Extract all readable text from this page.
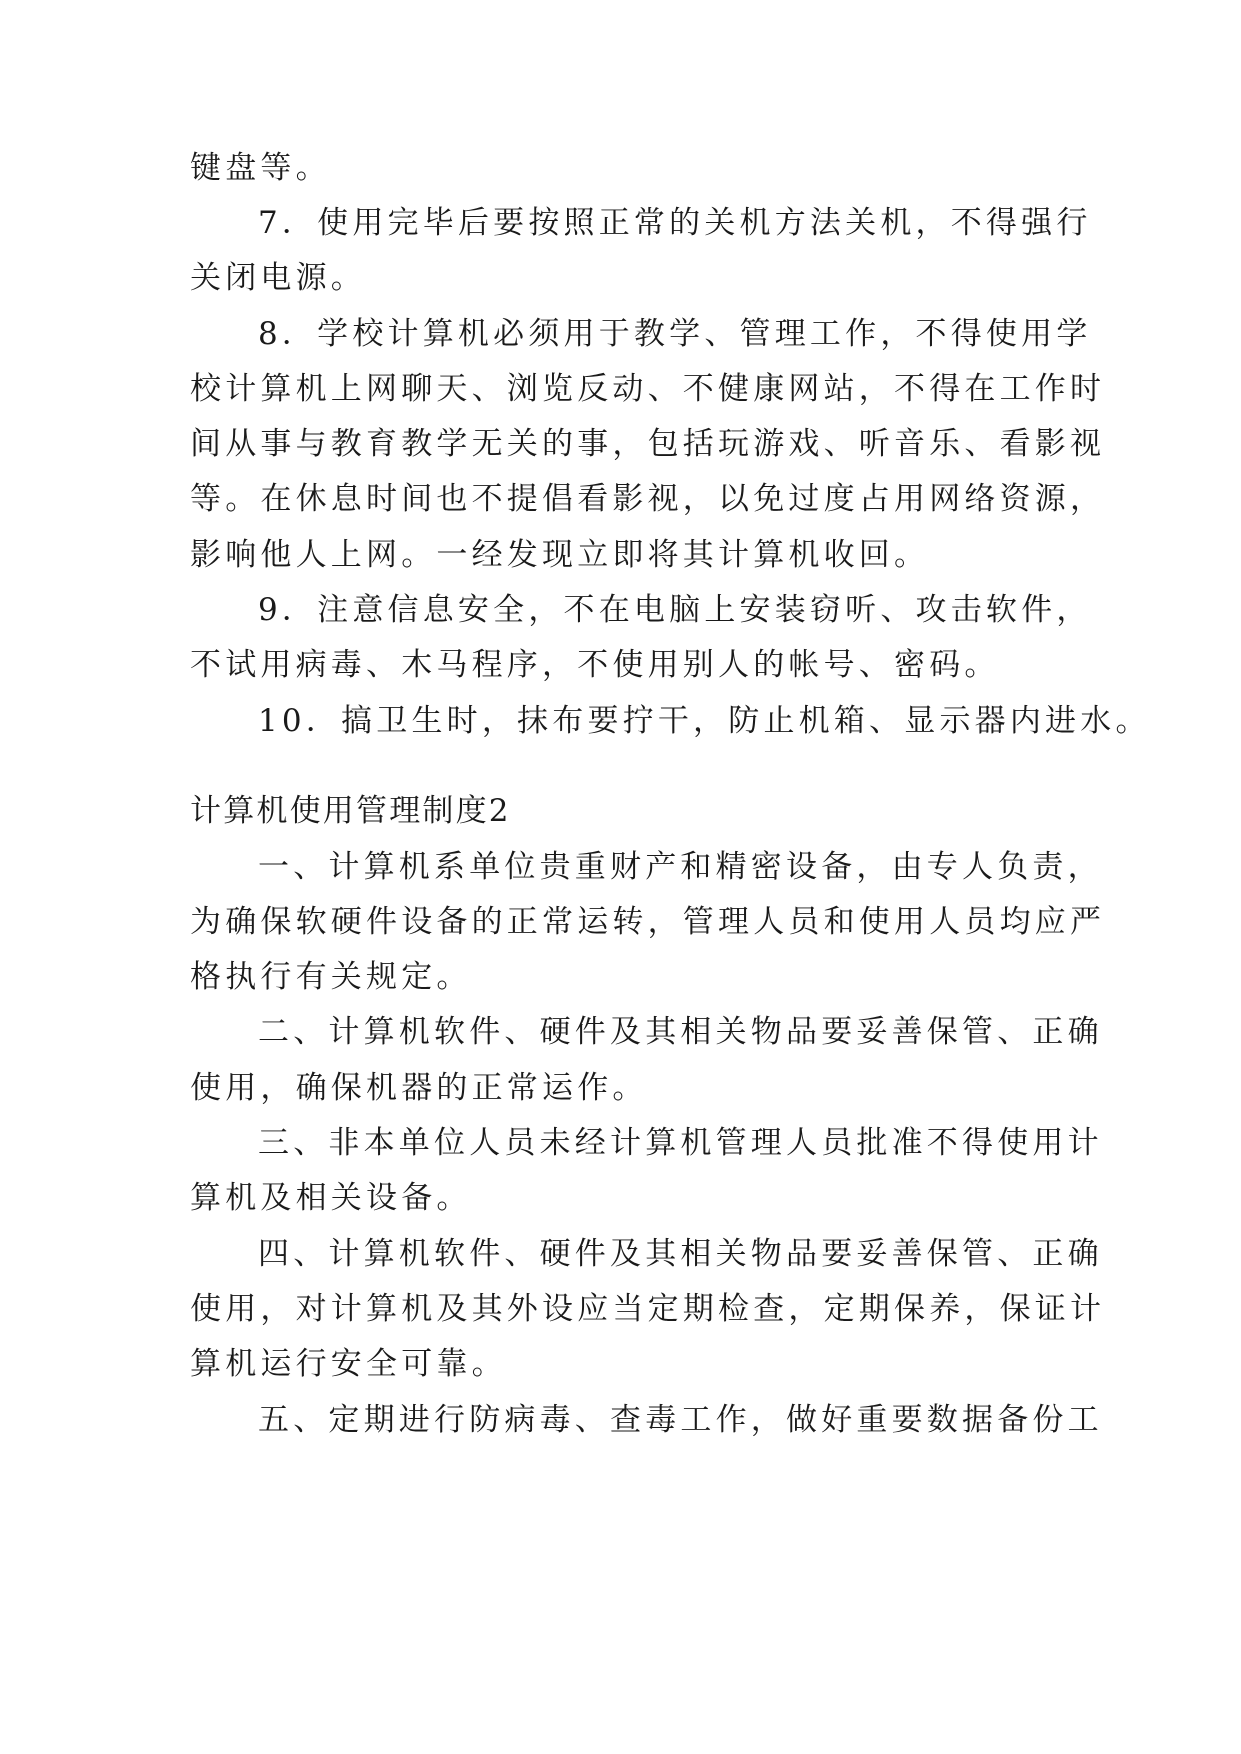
键盘等。

7．使用完毕后要按照正常的关机方法关机，不得强行

关闭电源。

8．学校计算机必须用于教学、管理工作，不得使用学

校计算机上网聊天、浏览反动、不健康网站，不得在工作时

间从事与教育教学无关的事，包括玩游戏、听音乐、看影视

等。在休息时间也不提倡看影视，以免过度占用网络资源，

影响他人上网。一经发现立即将其计算机收回。

9．注意信息安全，不在电脑上安装窃听、攻击软件，

不试用病毒、木马程序，不使用别人的帐号、密码。

10．搞卫生时，抹布要拧干，防止机箱、显示器内进水。

计算机使用管理制度2

一、计算机系单位贵重财产和精密设备，由专人负责，

为确保软硬件设备的正常运转，管理人员和使用人员均应严

格执行有关规定。

二、计算机软件、硬件及其相关物品要妥善保管、正确

使用，确保机器的正常运作。

三、非本单位人员未经计算机管理人员批准不得使用计

算机及相关设备。

四、计算机软件、硬件及其相关物品要妥善保管、正确

使用，对计算机及其外设应当定期检查，定期保养，保证计

算机运行安全可靠。

五、定期进行防病毒、查毒工作，做好重要数据备份工
